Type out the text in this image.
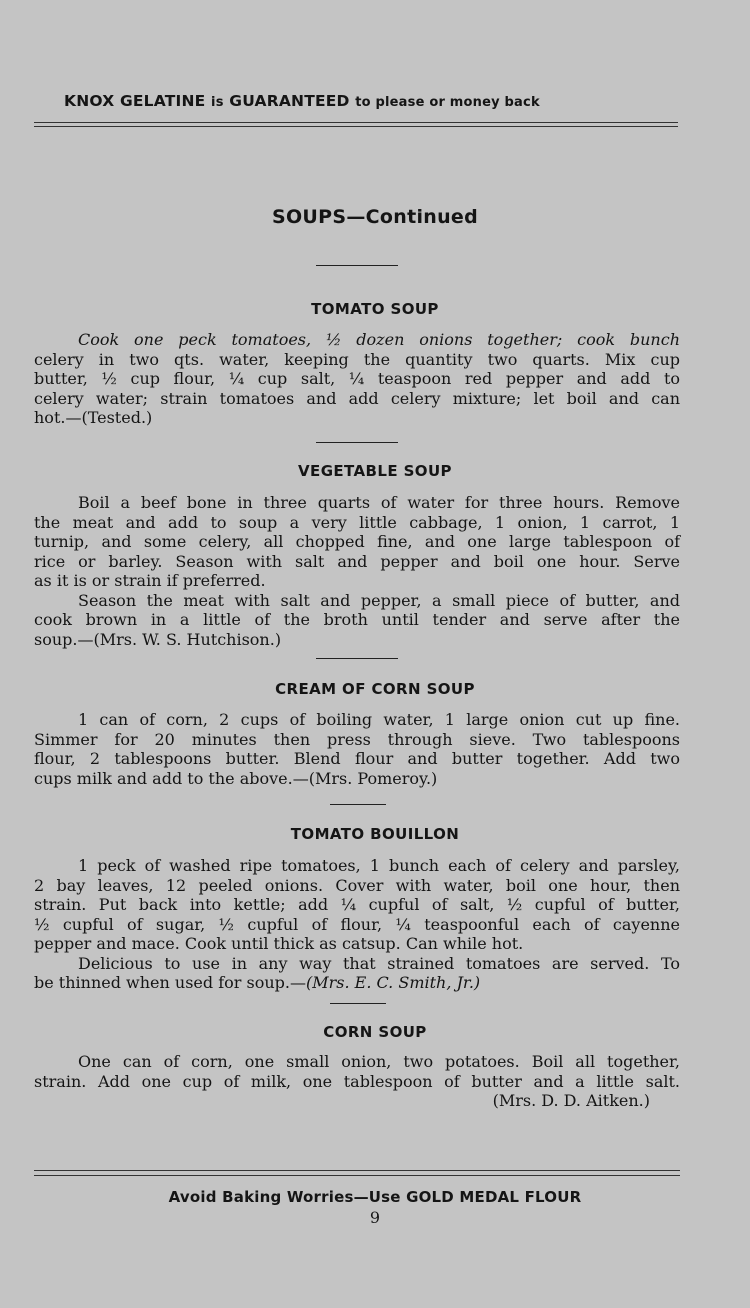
KNOX GELATINE is GUARANTEED to please or money back
SOUPS—Continued
TOMATO SOUP
Cook one peck tomatoes, ½ dozen onions together; cook bunch
celery in two qts. water, keeping the quantity two quarts. Mix cup
butter, ½ cup flour, ¼ cup salt, ¼ teaspoon red pepper and add to
celery water; strain tomatoes and add celery mixture; let boil and can
hot.—(Tested.)
VEGETABLE SOUP
Boil a beef bone in three quarts of water for three hours. Remove
the meat and add to soup a very little cabbage, 1 onion, 1 carrot, 1
turnip, and some celery, all chopped fine, and one large tablespoon of
rice or barley. Season with salt and pepper and boil one hour. Serve
as it is or strain if preferred.
Season the meat with salt and pepper, a small piece of butter, and
cook brown in a little of the broth until tender and serve after the
soup.—(Mrs. W. S. Hutchison.)
CREAM OF CORN SOUP
1 can of corn, 2 cups of boiling water, 1 large onion cut up fine.
Simmer for 20 minutes then press through sieve. Two tablespoons
flour, 2 tablespoons butter. Blend flour and butter together. Add two
cups milk and add to the above.—(Mrs. Pomeroy.)
TOMATO BOUILLON
1 peck of washed ripe tomatoes, 1 bunch each of celery and parsley,
2 bay leaves, 12 peeled onions. Cover with water, boil one hour, then
strain. Put back into kettle; add ¼ cupful of salt, ½ cupful of butter,
½ cupful of sugar, ½ cupful of flour, ¼ teaspoonful each of cayenne
pepper and mace. Cook until thick as catsup. Can while hot.
Delicious to use in any way that strained tomatoes are served. To
be thinned when used for soup.—(Mrs. E. C. Smith, Jr.)
CORN SOUP
One can of corn, one small onion, two potatoes. Boil all together,
strain. Add one cup of milk, one tablespoon of butter and a little salt.
(Mrs. D. D. Aitken.)
Avoid Baking Worries—Use GOLD MEDAL FLOUR
9
